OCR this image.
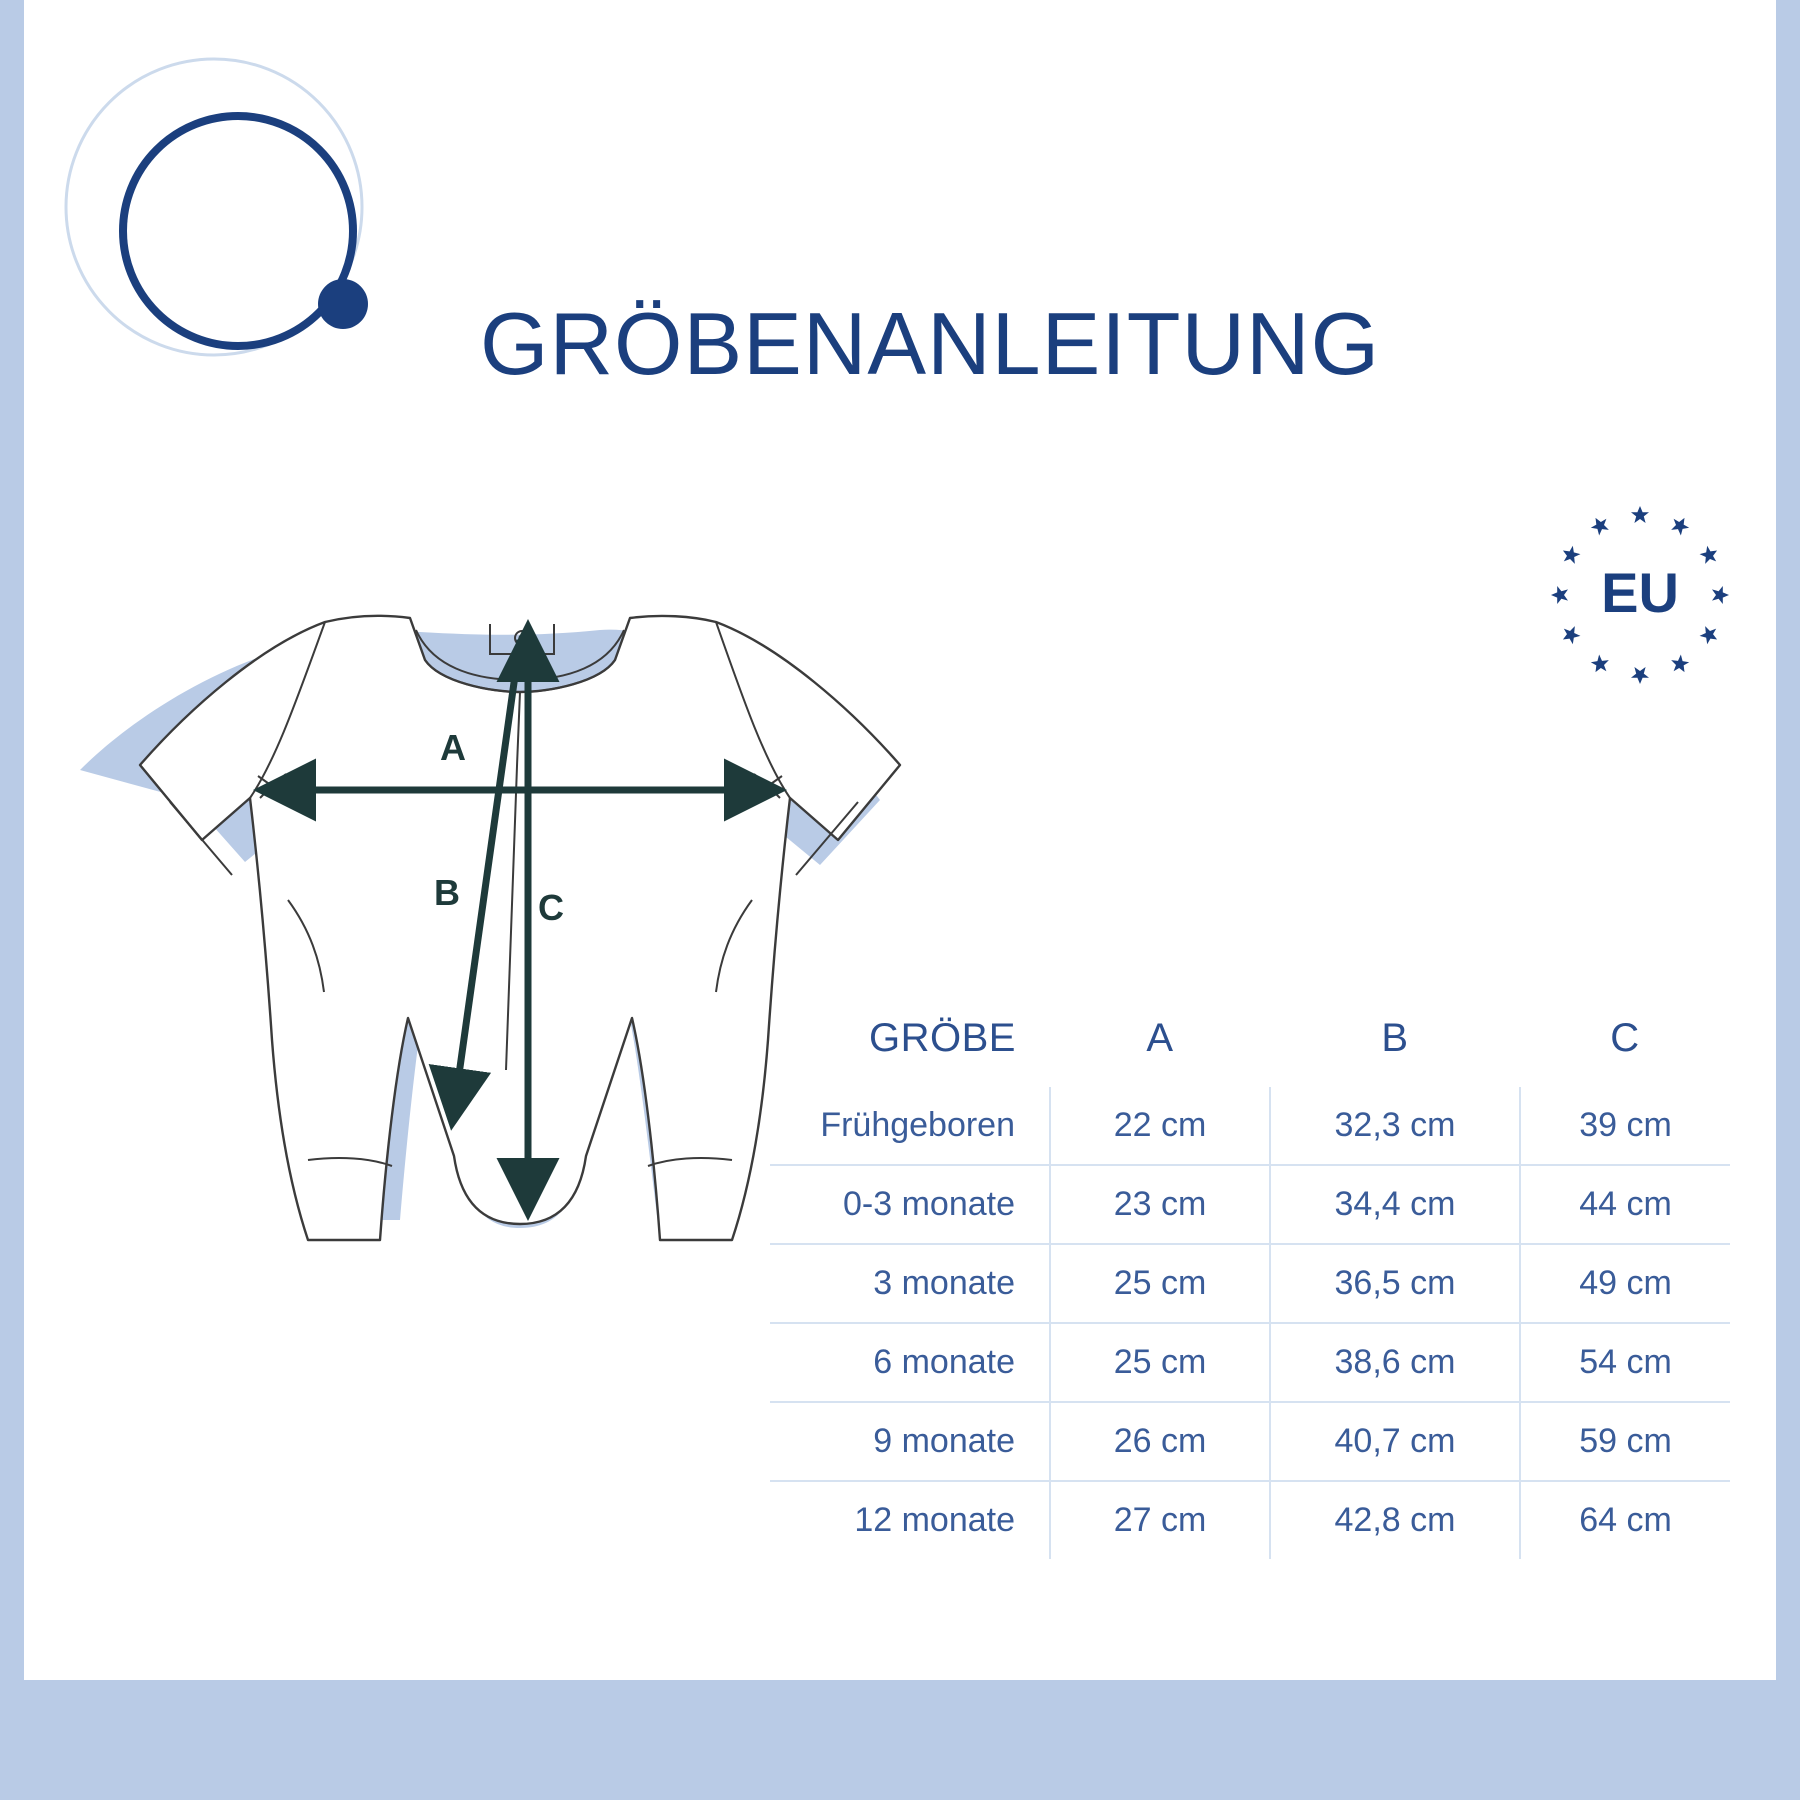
GRÖBENANLEITUNG
EU
A
B C
GRÖBE	A	B	C
Frühgeboren	22 cm	32,3 cm	39 cm
0-3 monate	23 cm	34,4 cm	44 cm
3 monate	25 cm	36,5 cm	49 cm
6 monate	25 cm	38,6 cm	54 cm
9 monate	26 cm	40,7 cm	59 cm
12 monate	27 cm	42,8 cm	64 cm
